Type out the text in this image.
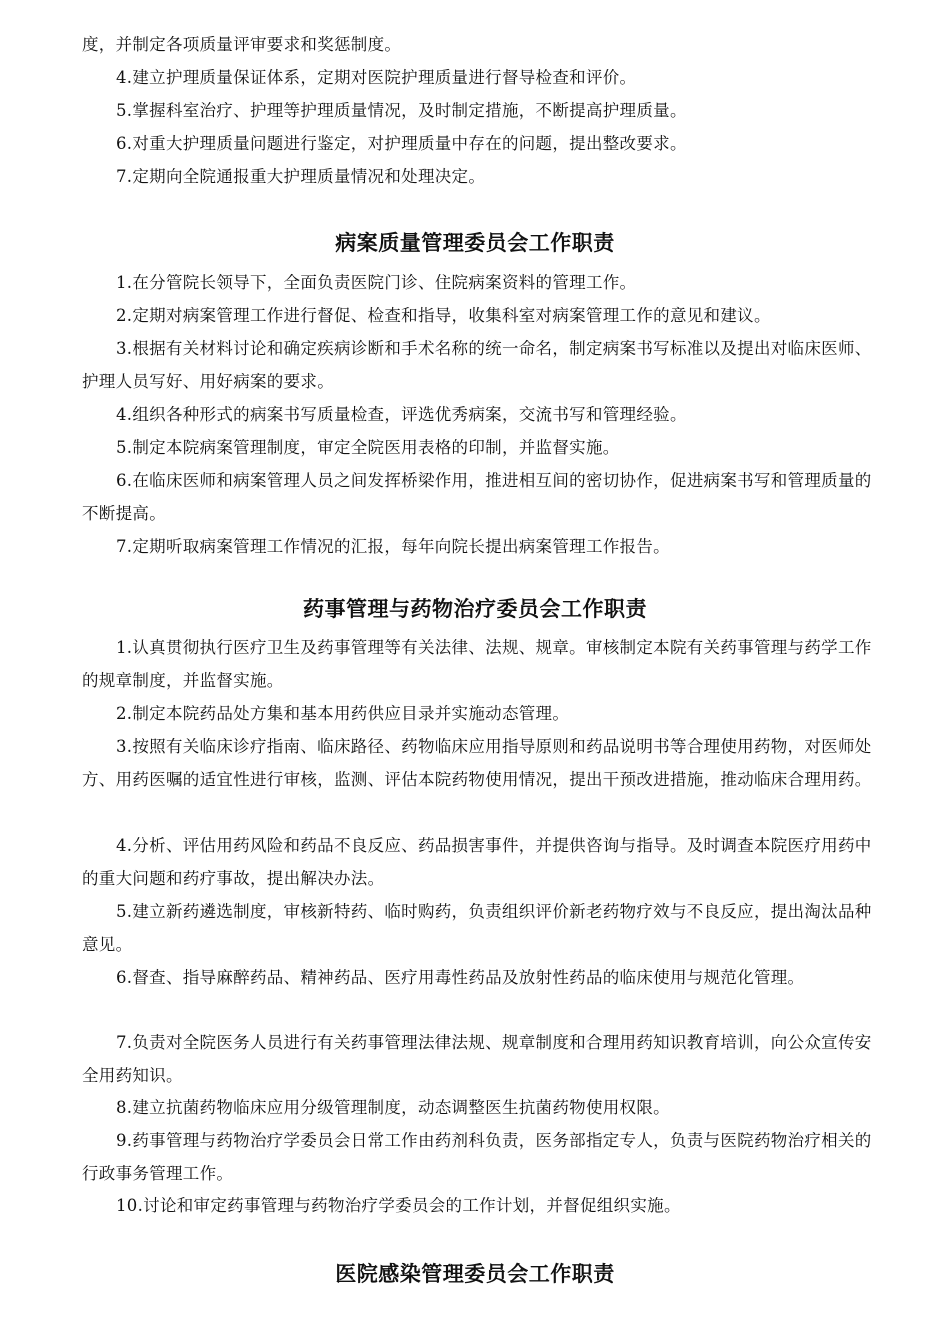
度，并制定各项质量评审要求和奖惩制度。

4.建立护理质量保证体系，定期对医院护理质量进行督导检查和评价。

5.掌握科室治疗、护理等护理质量情况，及时制定措施，不断提高护理质量。

6.对重大护理质量问题进行鉴定，对护理质量中存在的问题，提出整改要求。

7.定期向全院通报重大护理质量情况和处理决定。

病案质量管理委员会工作职责

1.在分管院长领导下，全面负责医院门诊、住院病案资料的管理工作。

2.定期对病案管理工作进行督促、检查和指导，收集科室对病案管理工作的意见和建议。

3.根据有关材料讨论和确定疾病诊断和手术名称的统一命名，制定病案书写标准以及提出对临床医师、护理人员写好、用好病案的要求。

4.组织各种形式的病案书写质量检查，评选优秀病案，交流书写和管理经验。

5.制定本院病案管理制度，审定全院医用表格的印制，并监督实施。

6.在临床医师和病案管理人员之间发挥桥梁作用，推进相互间的密切协作，促进病案书写和管理质量的不断提高。

7.定期听取病案管理工作情况的汇报，每年向院长提出病案管理工作报告。

药事管理与药物治疗委员会工作职责

1.认真贯彻执行医疗卫生及药事管理等有关法律、法规、规章。审核制定本院有关药事管理与药学工作的规章制度，并监督实施。

2.制定本院药品处方集和基本用药供应目录并实施动态管理。

3.按照有关临床诊疗指南、临床路径、药物临床应用指导原则和药品说明书等合理使用药物，对医师处方、用药医嘱的适宜性进行审核，监测、评估本院药物使用情况，提出干预改进措施，推动临床合理用药。

4.分析、评估用药风险和药品不良反应、药品损害事件，并提供咨询与指导。及时调查本院医疗用药中的重大问题和药疗事故，提出解决办法。

5.建立新药遴选制度，审核新特药、临时购药，负责组织评价新老药物疗效与不良反应，提出淘汰品种意见。

6.督查、指导麻醉药品、精神药品、医疗用毒性药品及放射性药品的临床使用与规范化管理。

7.负责对全院医务人员进行有关药事管理法律法规、规章制度和合理用药知识教育培训，向公众宣传安全用药知识。

8.建立抗菌药物临床应用分级管理制度，动态调整医生抗菌药物使用权限。

9.药事管理与药物治疗学委员会日常工作由药剂科负责，医务部指定专人，负责与医院药物治疗相关的行政事务管理工作。

10.讨论和审定药事管理与药物治疗学委员会的工作计划，并督促组织实施。

医院感染管理委员会工作职责
